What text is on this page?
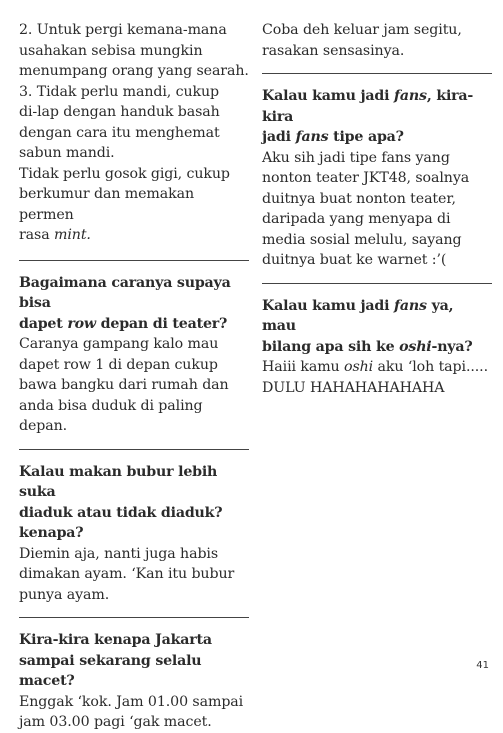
2. Untuk pergi kemana-mana
usahakan sebisa mungkin
menumpang orang yang searah.
3. Tidak perlu mandi, cukup
di-lap dengan handuk basah
dengan cara itu menghemat
sabun mandi.
Tidak perlu gosok gigi, cukup
berkumur dan memakan permen
rasa mint.
Bagaimana caranya supaya bisa
dapet row depan di teater?
Caranya gampang kalo mau
dapet row 1 di depan cukup
bawa bangku dari rumah dan
anda bisa duduk di paling
depan.
Kalau makan bubur lebih suka
diaduk atau tidak diaduk?
kenapa?
Diemin aja, nanti juga habis
dimakan ayam. ‘Kan itu bubur
punya ayam.
Kira-kira kenapa Jakarta
sampai sekarang selalu macet?
Enggak ‘kok. Jam 01.00 sampai
jam 03.00 pagi ‘gak macet.
Coba deh keluar jam segitu,
rasakan sensasinya.
Kalau kamu jadi fans, kira-kira
jadi fans tipe apa?
Aku sih jadi tipe fans yang
nonton teater JKT48, soalnya
duitnya buat nonton teater,
daripada yang menyapa di
media sosial melulu, sayang
duitnya buat ke warnet :’(
Kalau kamu jadi fans ya, mau
bilang apa sih ke oshi-nya?
Haiii kamu oshi aku ‘loh tapi.....
DULU HAHAHAHAHAHA
41
